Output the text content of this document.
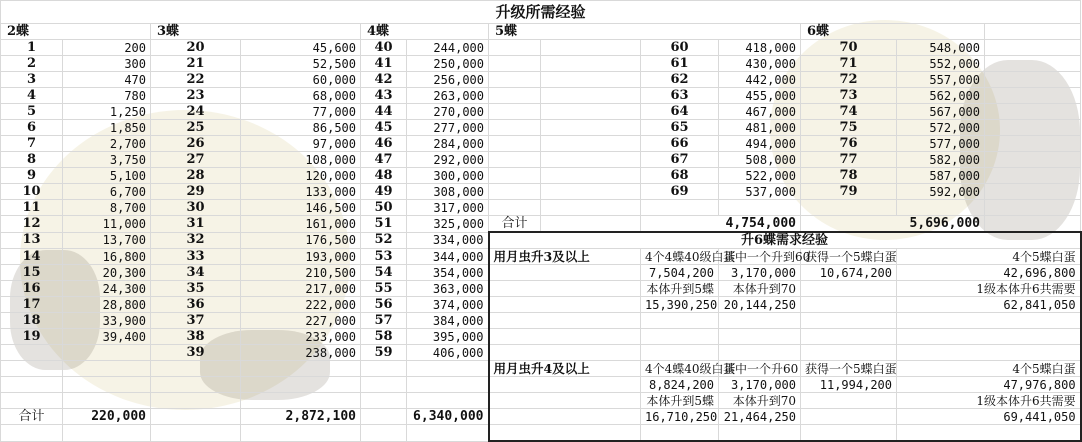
升级所需经验												
2蝶		3蝶		4蝶		5蝶				6蝶		
1	200	20	45,600	40	244,000			60	418,000	70	548,000	
2	300	21	52,500	41	250,000			61	430,000	71	552,000	
3	470	22	60,000	42	256,000			62	442,000	72	557,000	
4	780	23	68,000	43	263,000			63	455,000	73	562,000	
5	1,250	24	77,000	44	270,000			64	467,000	74	567,000	
6	1,850	25	86,500	45	277,000			65	481,000	75	572,000	
7	2,700	26	97,000	46	284,000			66	494,000	76	577,000	
8	3,750	27	108,000	47	292,000			67	508,000	77	582,000	
9	5,100	28	120,000	48	300,000			68	522,000	78	587,000	
10	6,700	29	133,000	49	308,000			69	537,000	79	592,000	
11	8,700	30	146,500	50	317,000							
12	11,000	31	161,000	51	325,000	合计		4,754,000		5,696,000		
13	13,700	32	176,500	52	334,000	升6蝶需求经验						
14	16,800	33	193,000	53	344,000	用月虫升3及以上		4个4蝶40级白蛋	其中一个升到60	获得一个5蝶白蛋	4个5蝶白蛋	
15	20,300	34	210,500	54	354,000			7,504,200	3,170,000	10,674,200	42,696,800	
16	24,300	35	217,000	55	363,000			本体升到5蝶	本体升到70		1级本体升6共需要	
17	28,800	36	222,000	56	374,000			15,390,250	20,144,250		62,841,050	
18	33,900	37	227,000	57	384,000							
19	39,400	38	233,000	58	395,000							
		39	238,000	59	406,000							
						用月虫升4及以上		4个4蝶40级白蛋	其中一个升60	获得一个5蝶白蛋	4个5蝶白蛋	
								8,824,200	3,170,000	11,994,200	47,976,800	
								本体升到5蝶	本体升到70		1级本体升6共需要	
合计	220,000		2,872,100		6,340,000			16,710,250	21,464,250		69,441,050	
